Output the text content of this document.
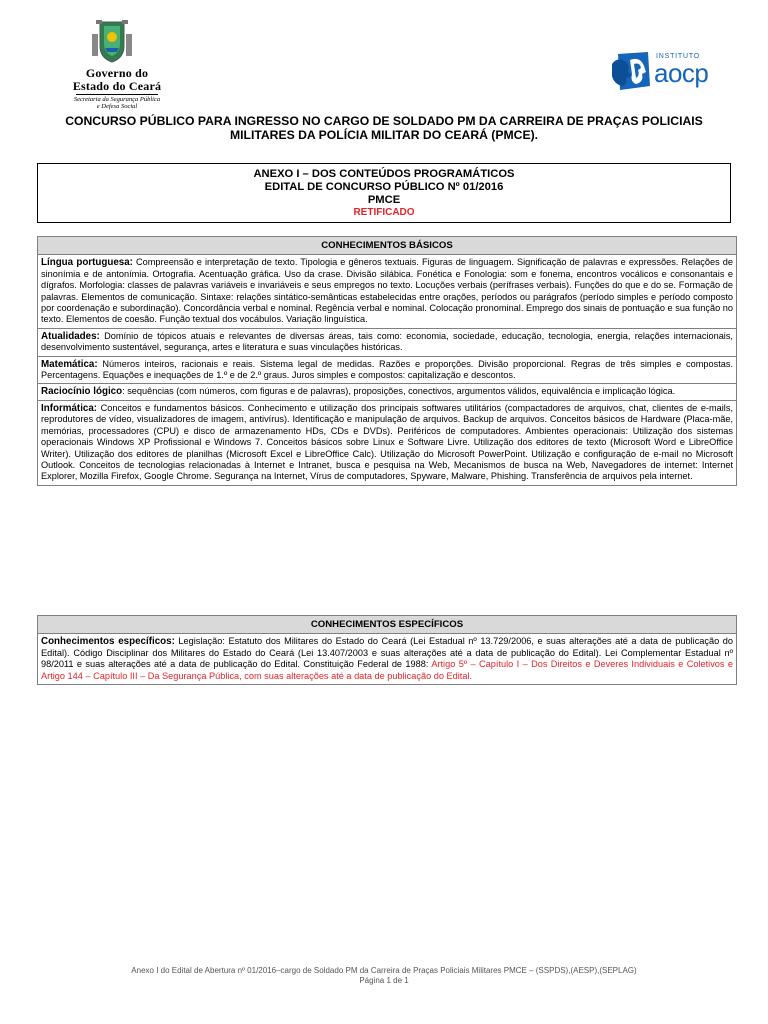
Governo do
Estado do Ceará
Secretaria da Segurança Pública
e Defesa Social
INSTITUTO
aocp
CONCURSO PÚBLICO PARA INGRESSO NO CARGO DE SOLDADO PM DA CARREIRA DE PRAÇAS POLICIAIS
MILITARES DA POLÍCIA MILITAR DO CEARÁ (PMCE).
ANEXO I – DOS CONTEÚDOS PROGRAMÁTICOS
EDITAL DE CONCURSO PÚBLICO Nº 01/2016
PMCE
RETIFICADO
CONHECIMENTOS BÁSICOS
Língua portuguesa: Compreensão e interpretação de texto. Tipologia e gêneros textuais. Figuras de linguagem. Significação de palavras e expressões. Relações de sinonímia e de antonímia. Ortografia. Acentuação gráfica. Uso da crase. Divisão silábica. Fonética e Fonologia: som e fonema, encontros vocálicos e consonantais e dígrafos. Morfologia: classes de palavras variáveis e invariáveis e seus empregos no texto. Locuções verbais (perífrases verbais). Funções do que e do se. Formação de palavras. Elementos de comunicação. Sintaxe: relações sintático-semânticas estabelecidas entre orações, períodos ou parágrafos (período simples e período composto por coordenação e subordinação). Concordância verbal e nominal. Regência verbal e nominal. Colocação pronominal. Emprego dos sinais de pontuação e sua função no texto. Elementos de coesão. Função textual dos vocábulos. Variação linguística.
Atualidades: Domínio de tópicos atuais e relevantes de diversas áreas, tais como: economia, sociedade, educação, tecnologia, energia, relações internacionais, desenvolvimento sustentável, segurança, artes e literatura e suas vinculações históricas.
Matemática: Números inteiros, racionais e reais. Sistema legal de medidas. Razões e proporções. Divisão proporcional. Regras de três simples e compostas. Percentagens. Equações e inequações de 1.º e de 2.º graus. Juros simples e compostos: capitalização e descontos.
Raciocínio lógico: sequências (com números, com figuras e de palavras), proposições, conectivos, argumentos válidos, equivalência e implicação lógica.
Informática: Conceitos e fundamentos básicos. Conhecimento e utilização dos principais softwares utilitários (compactadores de arquivos, chat, clientes de e-mails, reprodutores de vídeo, visualizadores de imagem, antivírus). Identificação e manipulação de arquivos. Backup de arquivos. Conceitos básicos de Hardware (Placa-mãe, memórias, processadores (CPU) e disco de armazenamento HDs, CDs e DVDs). Periféricos de computadores. Ambientes operacionais: Utilização dos sistemas operacionais Windows XP Profissional e Windows 7. Conceitos básicos sobre Linux e Software Livre. Utilização dos editores de texto (Microsoft Word e LibreOffice Writer). Utilização dos editores de planilhas (Microsoft Excel e LibreOffice Calc). Utilização do Microsoft PowerPoint. Utilização e configuração de e-mail no Microsoft Outlook. Conceitos de tecnologias relacionadas à Internet e Intranet, busca e pesquisa na Web, Mecanismos de busca na Web, Navegadores de internet: Internet Explorer, Mozilla Firefox, Google Chrome. Segurança na Internet, Vírus de computadores, Spyware, Malware, Phishing. Transferência de arquivos pela internet.
CONHECIMENTOS ESPECÍFICOS
Conhecimentos específicos: Legislação: Estatuto dos Militares do Estado do Ceará (Lei Estadual nº 13.729/2006, e suas alterações até a data de publicação do Edital). Código Disciplinar dos Militares do Estado do Ceará (Lei 13.407/2003 e suas alterações até a data de publicação do Edital). Lei Complementar Estadual nº 98/2011 e suas alterações até a data de publicação do Edital. Constituição Federal de 1988: Artigo 5º – Capítulo I – Dos Direitos e Deveres Individuais e Coletivos e Artigo 144 – Capítulo III – Da Segurança Pública, com suas alterações até a data de publicação do Edital.
Anexo I do Edital de Abertura nº 01/2016–cargo de Soldado PM da Carreira de Praças Policiais Militares PMCE – (SSPDS),(AESP),(SEPLAG)
Página 1 de 1
